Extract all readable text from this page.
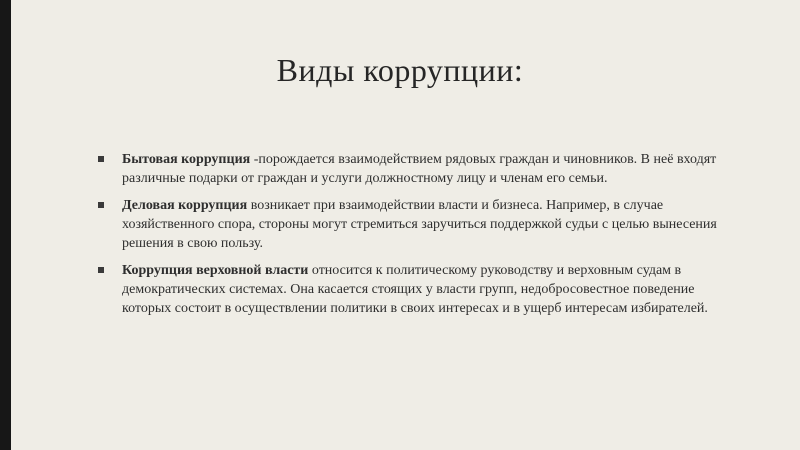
Виды коррупции:
Бытовая коррупция -порождается взаимодействием рядовых граждан и чиновников. В неё входят различные подарки от граждан и услуги должностному лицу и членам его семьи.
Деловая коррупция возникает при взаимодействии власти и бизнеса. Например, в случае хозяйственного спора, стороны могут стремиться заручиться поддержкой судьи с целью вынесения решения в свою пользу.
Коррупция верховной власти относится к политическому руководству и верховным судам в демократических системах. Она касается стоящих у власти групп, недобросовестное поведение которых состоит в осуществлении политики в своих интересах и в ущерб интересам избирателей.
